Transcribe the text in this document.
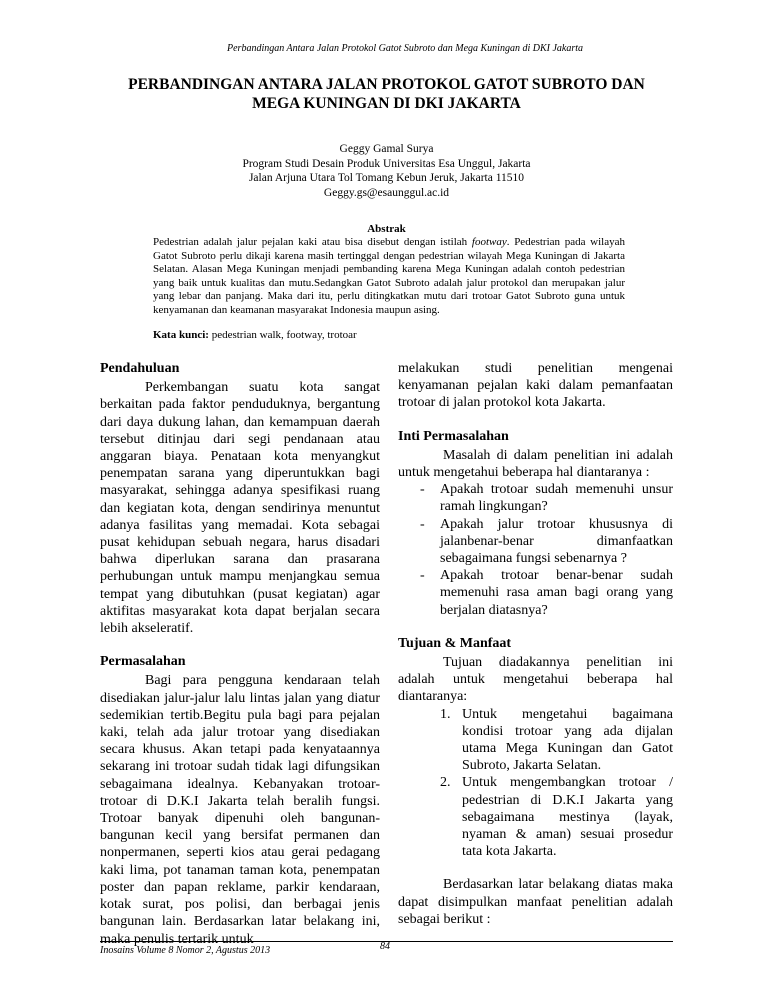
Perbandingan Antara Jalan Protokol Gatot Subroto dan Mega Kuningan di DKI Jakarta
PERBANDINGAN ANTARA JALAN PROTOKOL GATOT SUBROTO DAN
MEGA KUNINGAN DI DKI JAKARTA
Geggy Gamal Surya
Program Studi Desain Produk Universitas Esa Unggul, Jakarta
Jalan Arjuna Utara Tol Tomang Kebun Jeruk, Jakarta 11510
Geggy.gs@esaunggul.ac.id
Abstrak

Pedestrian adalah jalur pejalan kaki atau bisa disebut dengan istilah footway. Pedestrian pada wilayah Gatot Subroto perlu dikaji karena masih tertinggal dengan pedestrian wilayah Mega Kuningan di Jakarta Selatan. Alasan Mega Kuningan menjadi pembanding karena Mega Kuningan adalah contoh pedestrian yang baik untuk kualitas dan mutu.Sedangkan Gatot Subroto adalah jalur protokol dan merupakan jalur yang lebar dan panjang. Maka dari itu, perlu ditingkatkan mutu dari trotoar Gatot Subroto guna untuk kenyamanan dan keamanan masyarakat Indonesia maupun asing.

Kata kunci: pedestrian walk, footway, trotoar

Pendahuluan

Perkembangan suatu kota sangat berkaitan pada faktor penduduknya, bergantung dari daya dukung lahan, dan kemampuan daerah tersebut ditinjau dari segi pendanaan atau anggaran biaya. Penataan kota menyangkut penempatan sarana yang diperuntukkan bagi masyarakat, sehingga adanya spesifikasi ruang dan kegiatan kota, dengan sendirinya menuntut adanya fasilitas yang memadai. Kota sebagai pusat kehidupan sebuah negara, harus disadari bahwa diperlukan sarana dan prasarana perhubungan untuk mampu menjangkau semua tempat yang dibutuhkan (pusat kegiatan) agar aktifitas masyarakat kota dapat berjalan secara lebih akseleratif.

Permasalahan

Bagi para pengguna kendaraan telah disediakan jalur-jalur lalu lintas jalan yang diatur sedemikian tertib.Begitu pula bagi para pejalan kaki, telah ada jalur trotoar yang disediakan secara khusus. Akan tetapi pada kenyataannya sekarang ini trotoar sudah tidak lagi difungsikan sebagaimana idealnya. Kebanyakan trotoar-trotoar di D.K.I Jakarta telah beralih fungsi. Trotoar banyak dipenuhi oleh bangunan-bangunan kecil yang bersifat permanen dan nonpermanen, seperti kios atau gerai pedagang kaki lima, pot tanaman taman kota, penempatan poster dan papan reklame, parkir kendaraan, kotak surat, pos polisi, dan berbagai jenis bangunan lain. Berdasarkan latar belakang ini, maka penulis tertarik untuk

melakukan studi penelitian mengenai kenyamanan pejalan kaki dalam pemanfaatan trotoar di jalan protokol kota Jakarta.

Inti Permasalahan

Masalah di dalam penelitian ini adalah untuk mengetahui beberapa hal diantaranya :

- Apakah trotoar sudah memenuhi unsur ramah lingkungan?
- Apakah jalur trotoar khususnya di jalanbenar-benar dimanfaatkan sebagaimana fungsi sebenarnya ?
- Apakah trotoar benar-benar sudah memenuhi rasa aman bagi orang yang berjalan diatasnya?
Tujuan & Manfaat

Tujuan diadakannya penelitian ini adalah untuk mengetahui beberapa hal diantaranya:

1. Untuk mengetahui bagaimana kondisi trotoar yang ada dijalan utama Mega Kuningan dan Gatot Subroto, Jakarta Selatan.
2. Untuk mengembangkan trotoar / pedestrian di D.K.I Jakarta yang sebagaimana mestinya (layak, nyaman & aman) sesuai prosedur tata kota Jakarta.

Berdasarkan latar belakang diatas maka dapat disimpulkan manfaat penelitian adalah sebagai berikut :

Inosains Volume 8 Nomor 2, Agustus 2013	84
